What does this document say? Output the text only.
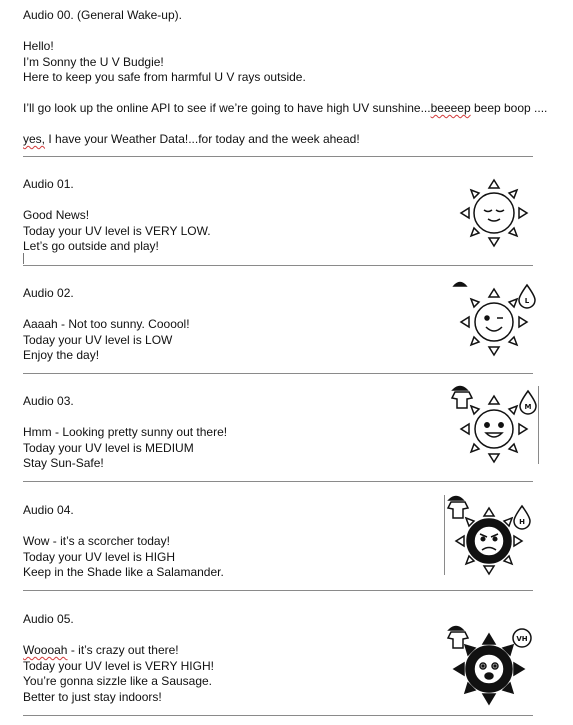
Audio 00. (General Wake-up).
Hello!
I’m Sonny the U V Budgie!
Here to keep you safe from harmful U V rays outside.
I’ll go look up the online API to see if we’re going to have high UV sunshine...beeeep beep boop ....
yes, I have your Weather Data!...for today and the week ahead!
Audio 01.
Good News!
Today your UV level is VERY LOW.
Let’s go outside and play!
Audio 02.
Aaaah - Not too sunny. Cooool!
Today your UV level is LOW
Enjoy the day!
L
Audio 03.
Hmm - Looking pretty sunny out there!
Today your UV level is MEDIUM
Stay Sun-Safe!
M
Audio 04.
Wow - it’s a scorcher today!
Today your UV level is HIGH
Keep in the Shade like a Salamander.
H
Audio 05.
Woooah - it’s crazy out there!
Today your UV level is VERY HIGH!
You’re gonna sizzle like a Sausage.
Better to just stay indoors!
VH
